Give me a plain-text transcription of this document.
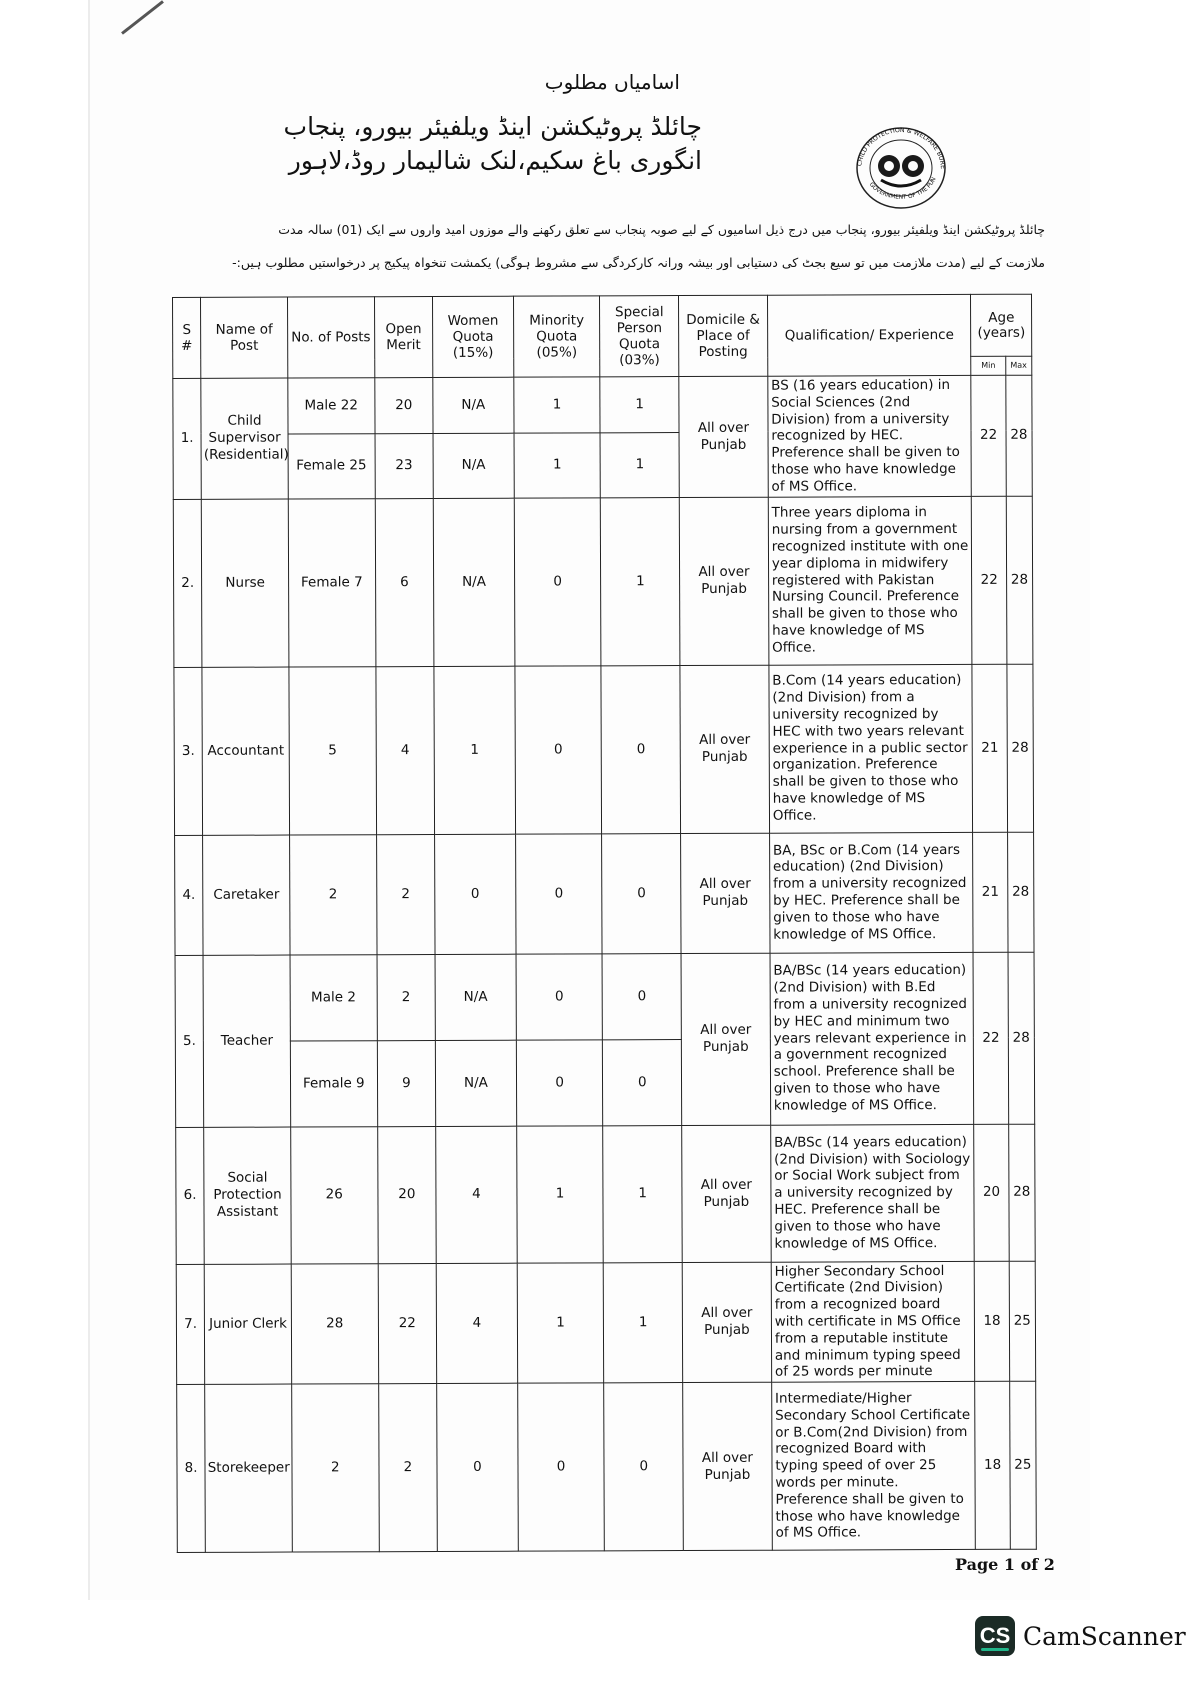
اسامیاں مطلوب
چائلڈ پروٹیکشن اینڈ ویلفیئر بیورو، پنجاب
انگوری باغ سکیم،لنک شالیمار روڈ،لاہور	CHILD PROTECTION & WELFARE BURE
GOVERNMENT OF THE PUN
چائلڈ پروٹیکشن اینڈ ویلفیئر بیورو، پنجاب میں درج ذیل اسامیوں کے لیے صوبہ پنجاب سے تعلق رکھنے والے موزوں امید واروں سے ایک (01) سالہ مدت
ملازمت کے لیے (مدت ملازمت میں تو سیع بجٹ کی دستیابی اور بیشہ ورانہ کارکردگی سے مشروط ہوگی) یکمشت تنخواہ پیکیج پر درخواستیں مطلوب ہیں:-
S #	Name of Post	No. of Posts	Open Merit	Women Quota (15%)	Minority Quota (05%)	Special Person Quota (03%)	Domicile & Place of Posting	Qualification/ Experience	Age (years)	
									Min	Max
1.	Child Supervisor (Residential)	Male 22	20	N/A	1	1	All over Punjab	BS (16 years education) in Social Sciences (2nd Division) from a university recognized by HEC. Preference shall be given to those who have knowledge of MS Office.	22	28
		Female 25	23	N/A	1	1				
2.	Nurse	Female 7	6	N/A	0	1	All over Punjab	Three years diploma in nursing from a government recognized institute with one year diploma in midwifery registered with Pakistan Nursing Council. Preference shall be given to those who have knowledge of MS Office.	22	28
3.	Accountant	5	4	1	0	0	All over Punjab	B.Com (14 years education) (2nd Division) from a university recognized by HEC with two years relevant experience in a public sector organization. Preference shall be given to those who have knowledge of MS Office.	21	28
4.	Caretaker	2	2	0	0	0	All over Punjab	BA, BSc or B.Com (14 years education) (2nd Division) from a university recognized by HEC. Preference shall be given to those who have knowledge of MS Office.	21	28
5.	Teacher	Male 2	2	N/A	0	0	All over Punjab	BA/BSc (14 years education) (2nd Division) with B.Ed from a university recognized by HEC and minimum two years relevant experience in a government recognized school. Preference shall be given to those who have knowledge of MS Office.	22	28
		Female 9	9	N/A	0	0				
6.	Social Protection Assistant	26	20	4	1	1	All over Punjab	BA/BSc (14 years education) (2nd Division) with Sociology or Social Work subject from a university recognized by HEC. Preference shall be given to those who have knowledge of MS Office.	20	28
7.	Junior Clerk	28	22	4	1	1	All over Punjab	Higher Secondary School Certificate (2nd Division) from a recognized board with certificate in MS Office from a reputable institute and minimum typing speed of 25 words per minute	18	25
8.	Storekeeper	2	2	0	0	0	All over Punjab	Intermediate/Higher Secondary School Certificate or B.Com(2nd Division) from recognized Board with typing speed of over 25 words per minute. Preference shall be given to those who have knowledge of MS Office.	18	25
Page 1 of 2
CS CamScanner
